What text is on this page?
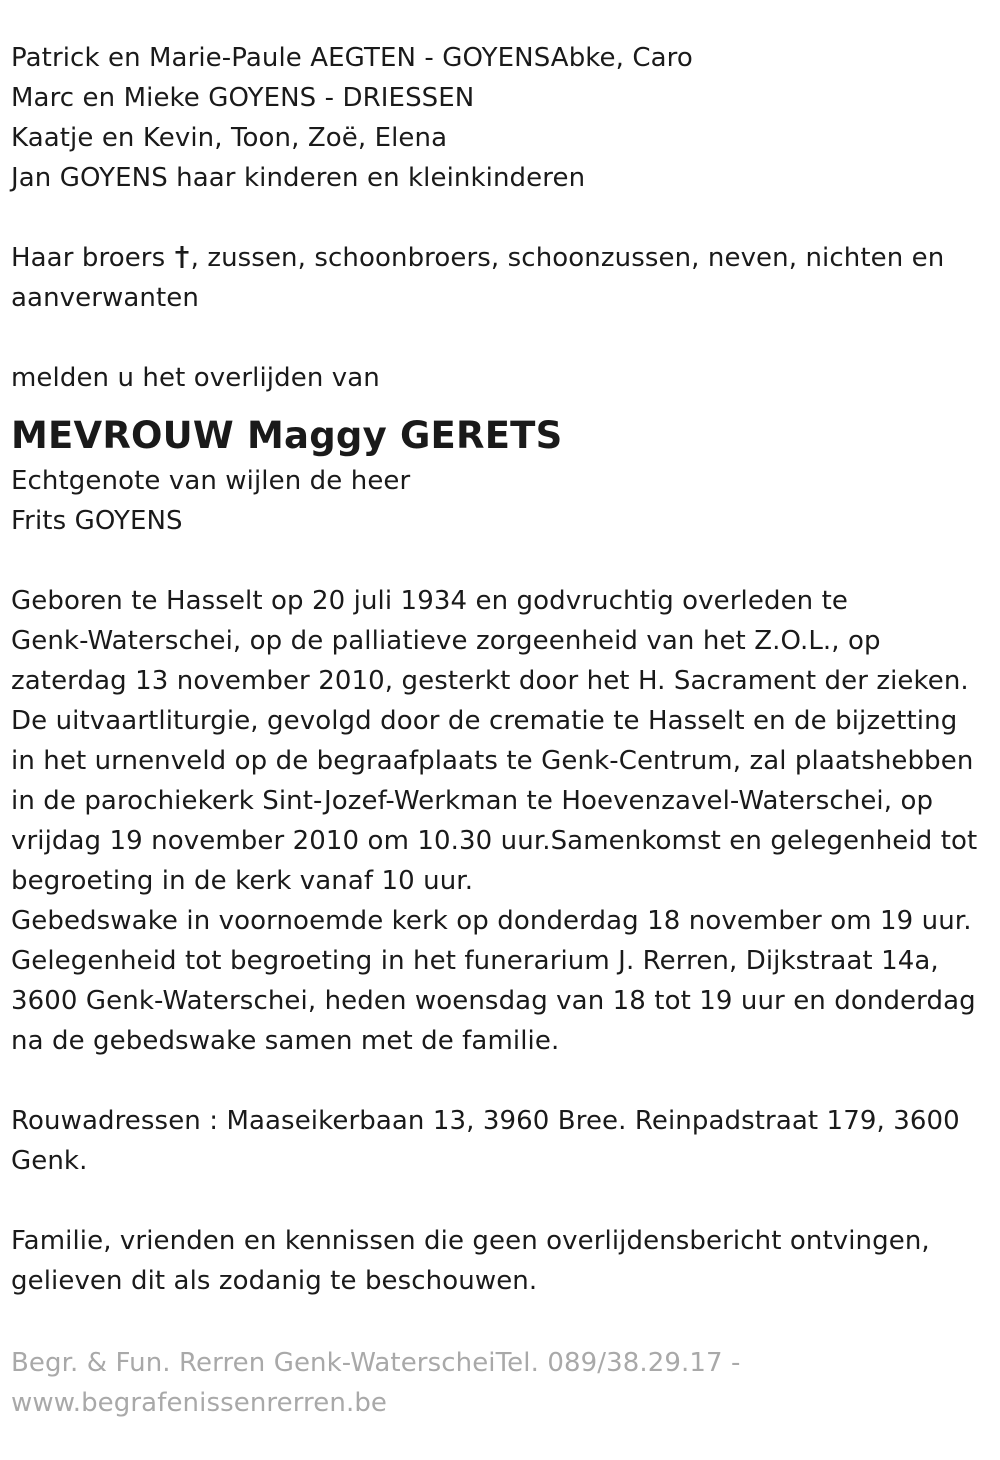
Patrick en Marie-Paule AEGTEN - GOYENSAbke, Caro
Marc en Mieke GOYENS - DRIESSEN
Kaatje en Kevin, Toon, Zoë, Elena
Jan GOYENS haar kinderen en kleinkinderen
Haar broers , zussen, schoonbroers, schoonzussen, neven, nichten en
aanverwanten
melden u het overlijden van
MEVROUW Maggy GERETS
Echtgenote van wijlen de heer
Frits GOYENS
Geboren te Hasselt op 20 juli 1934 en godvruchtig overleden te
Genk-Waterschei, op de palliatieve zorgeenheid van het Z.O.L., op
zaterdag 13 november 2010, gesterkt door het H. Sacrament der zieken.
De uitvaartliturgie, gevolgd door de crematie te Hasselt en de bijzetting
in het urnenveld op de begraafplaats te Genk-Centrum, zal plaatshebben
in de parochiekerk Sint-Jozef-Werkman te Hoevenzavel-Waterschei, op
vrijdag 19 november 2010 om 10.30 uur.Samenkomst en gelegenheid tot
begroeting in de kerk vanaf 10 uur.
Gebedswake in voornoemde kerk op donderdag 18 november om 19 uur.
Gelegenheid tot begroeting in het funerarium J. Rerren, Dijkstraat 14a,
3600 Genk-Waterschei, heden woensdag van 18 tot 19 uur en donderdag
na de gebedswake samen met de familie.
Rouwadressen : Maaseikerbaan 13, 3960 Bree. Reinpadstraat 179, 3600
Genk.
Familie, vrienden en kennissen die geen overlijdensbericht ontvingen,
gelieven dit als zodanig te beschouwen.
Begr. & Fun. Rerren Genk-WaterscheiTel. 089/38.29.17 -
www.begrafenissenrerren.be
